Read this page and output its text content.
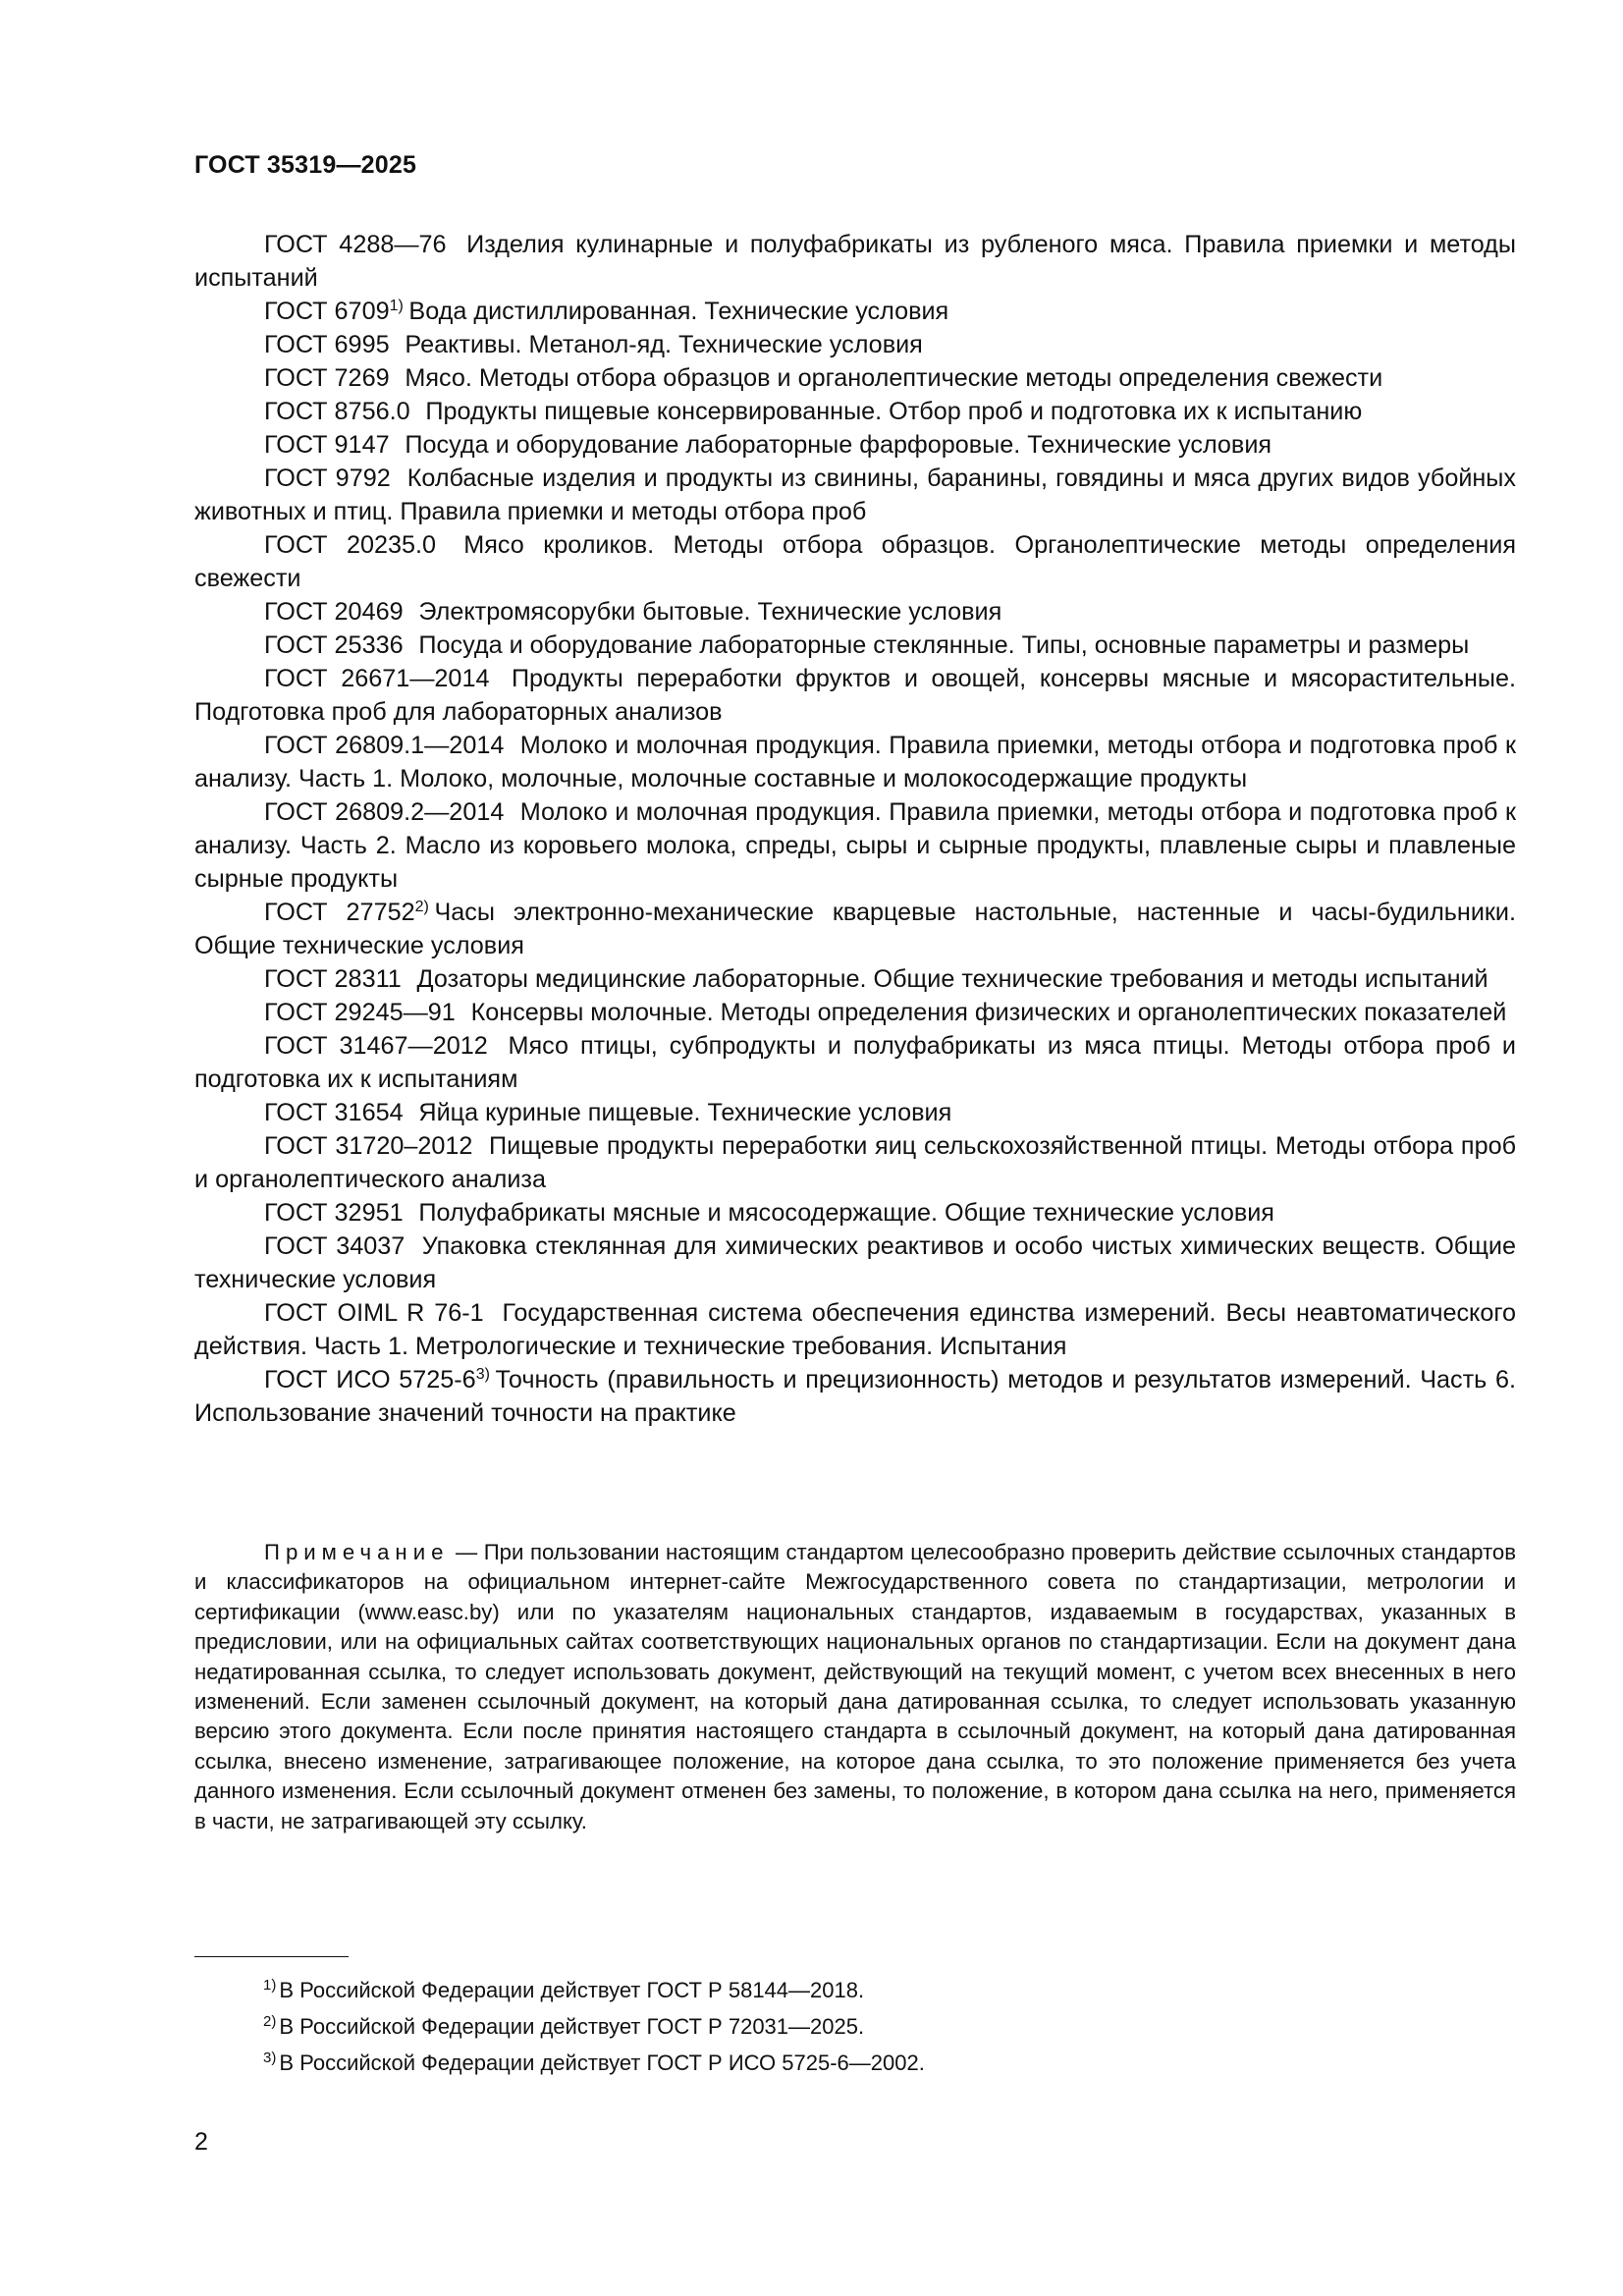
ГОСТ 35319—2025

ГОСТ 4288—76 Изделия кулинарные и полуфабрикаты из рубленого мяса. Правила приемки и методы испытаний

ГОСТ 6709$^{1)}$ Вода дистиллированная. Технические условия

ГОСТ 6995 Реактивы. Метанол-яд. Технические условия

ГОСТ 7269 Мясо. Методы отбора образцов и органолептические методы определения свежести

ГОСТ 8756.0 Продукты пищевые консервированные. Отбор проб и подготовка их к испытанию

ГОСТ 9147 Посуда и оборудование лабораторные фарфоровые. Технические условия

ГОСТ 9792 Колбасные изделия и продукты из свинины, баранины, говядины и мяса других видов убойных животных и птиц. Правила приемки и методы отбора проб

ГОСТ 20235.0 Мясо кроликов. Методы отбора образцов. Органолептические методы определения свежести

ГОСТ 20469 Электромясорубки бытовые. Технические условия

ГОСТ 25336 Посуда и оборудование лабораторные стеклянные. Типы, основные параметры и размеры

ГОСТ 26671—2014 Продукты переработки фруктов и овощей, консервы мясные и мясорастительные. Подготовка проб для лабораторных анализов

ГОСТ 26809.1—2014 Молоко и молочная продукция. Правила приемки, методы отбора и подготовка проб к анализу. Часть 1. Молоко, молочные, молочные составные и молокосодержащие продукты

ГОСТ 26809.2—2014 Молоко и молочная продукция. Правила приемки, методы отбора и подготовка проб к анализу. Часть 2. Масло из коровьего молока, спреды, сыры и сырные продукты, плавленые сыры и плавленые сырные продукты

ГОСТ 27752$^{2)}$ Часы электронно-механические кварцевые настольные, настенные и часы-будильники. Общие технические условия

ГОСТ 28311 Дозаторы медицинские лабораторные. Общие технические требования и методы испытаний

ГОСТ 29245—91 Консервы молочные. Методы определения физических и органолептических показателей

ГОСТ 31467—2012 Мясо птицы, субпродукты и полуфабрикаты из мяса птицы. Методы отбора проб и подготовка их к испытаниям

ГОСТ 31654 Яйца куриные пищевые. Технические условия

ГОСТ 31720–2012 Пищевые продукты переработки яиц сельскохозяйственной птицы. Методы отбора проб и органолептического анализа

ГОСТ 32951 Полуфабрикаты мясные и мясосодержащие. Общие технические условия

ГОСТ 34037 Упаковка стеклянная для химических реактивов и особо чистых химических веществ. Общие технические условия

ГОСТ OIML R 76-1 Государственная система обеспечения единства измерений. Весы неавтоматического действия. Часть 1. Метрологические и технические требования. Испытания

ГОСТ ИСО 5725-6$^{3)}$ Точность (правильность и прецизионность) методов и результатов измерений. Часть 6. Использование значений точности на практике

Примечание — При пользовании настоящим стандартом целесообразно проверить действие ссылочных стандартов и классификаторов на официальном интернет-сайте Межгосударственного совета по стандартизации, метрологии и сертификации (www.easc.by) или по указателям национальных стандартов, издаваемым в государствах, указанных в предисловии, или на официальных сайтах соответствующих национальных органов по стандартизации. Если на документ дана недатированная ссылка, то следует использовать документ, действующий на текущий момент, с учетом всех внесенных в него изменений. Если заменен ссылочный документ, на который дана датированная ссылка, то следует использовать указанную версию этого документа. Если после принятия настоящего стандарта в ссылочный документ, на который дана датированная ссылка, внесено изменение, затрагивающее положение, на которое дана ссылка, то это положение применяется без учета данного изменения. Если ссылочный документ отменен без замены, то положение, в котором дана ссылка на него, применяется в части, не затрагивающей эту ссылку.
$^{1)}$ В Российской Федерации действует ГОСТ Р 58144—2018.
$^{2)}$ В Российской Федерации действует ГОСТ Р 72031—2025.
$^{3)}$ В Российской Федерации действует ГОСТ Р ИСО 5725-6—2002.
2
